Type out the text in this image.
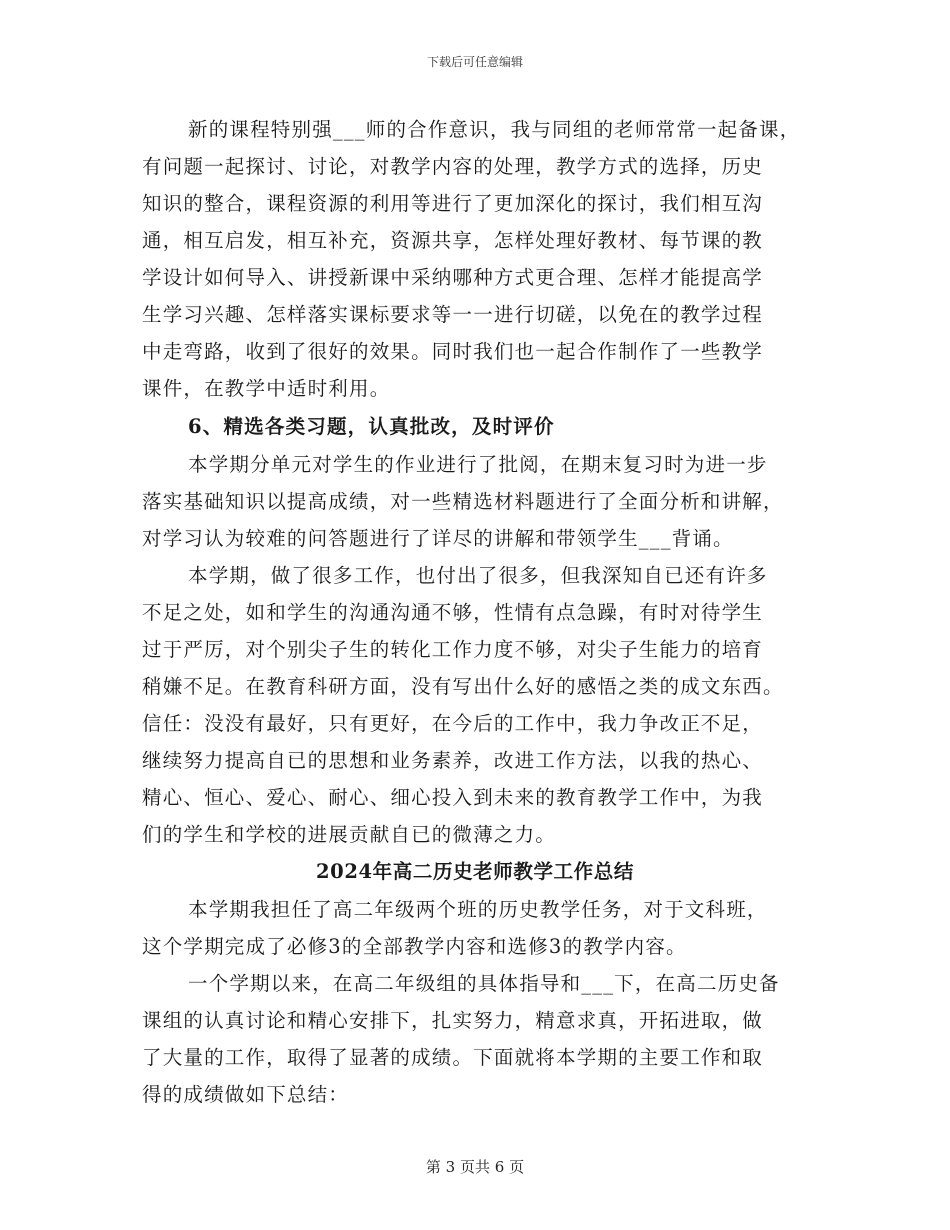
下载后可任意编辑
新的课程特别强___师的合作意识，我与同组的老师常常一起备课，
有问题一起探讨、讨论，对教学内容的处理，教学方式的选择，历史
知识的整合，课程资源的利用等进行了更加深化的探讨，我们相互沟
通，相互启发，相互补充，资源共享，怎样处理好教材、每节课的教
学设计如何导入、讲授新课中采纳哪种方式更合理、怎样才能提高学
生学习兴趣、怎样落实课标要求等一一进行切磋，以免在的教学过程
中走弯路，收到了很好的效果。同时我们也一起合作制作了一些教学
课件，在教学中适时利用。
6、精选各类习题，认真批改，及时评价
本学期分单元对学生的作业进行了批阅，在期末复习时为进一步
落实基础知识以提高成绩，对一些精选材料题进行了全面分析和讲解，
对学习认为较难的问答题进行了详尽的讲解和带领学生___背诵。
本学期，做了很多工作，也付出了很多，但我深知自已还有许多
不足之处，如和学生的沟通沟通不够，性情有点急躁，有时对待学生
过于严厉，对个别尖子生的转化工作力度不够，对尖子生能力的培育
稍嫌不足。在教育科研方面，没有写出什么好的感悟之类的成文东西。
信任：没没有最好，只有更好，在今后的工作中，我力争改正不足，
继续努力提高自已的思想和业务素养，改进工作方法，以我的热心、
精心、恒心、爱心、耐心、细心投入到未来的教育教学工作中，为我
们的学生和学校的进展贡献自已的微薄之力。
2024年高二历史老师教学工作总结
本学期我担任了高二年级两个班的历史教学任务，对于文科班，
这个学期完成了必修3的全部教学内容和选修3的教学内容。
一个学期以来，在高二年级组的具体指导和___下，在高二历史备
课组的认真讨论和精心安排下，扎实努力，精意求真，开拓进取，做
了大量的工作，取得了显著的成绩。下面就将本学期的主要工作和取
得的成绩做如下总结：
第 3 页共 6 页
